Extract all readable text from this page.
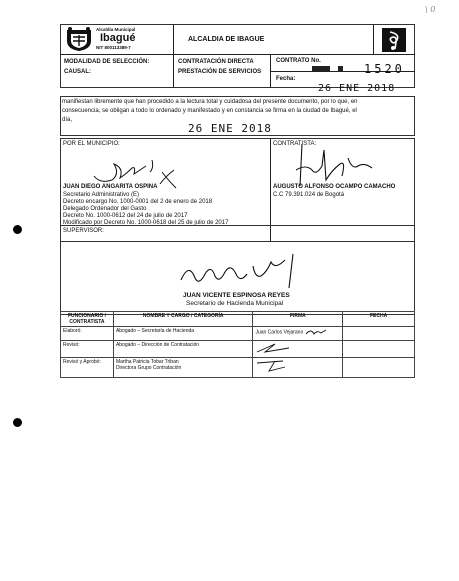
\ 0
Alcaldía Municipal
Ibagué
NIT 800113389-7
ALCALDIA DE IBAGUE
MODALIDAD DE SELECCIÓN:
CAUSAL:
CONTRATACIÓN DIRECTA
PRESTACIÓN DE SERVICIOS
CONTRATO No.
1520
Fecha:
26 ENE 2018
manifiestan libremente que han procedido a la lectura total y cuidadosa del presente documento, por lo que, en
consecuencia, se obligan a todo lo ordenado y manifestado y en constancia se firma en la ciudad de Ibagué, el
día,
26 ENE 2018
POR EL MUNICIPIO:
JUAN DIEGO ANGARITA OSPINA
Secretario Administrativo (E)
Decreto encargo No. 1000-0001 del 2 de enero de 2018
Delegado Ordenador del Gasto
Decreto No. 1000-0612 del 24 de julio de 2017
Modificado por Decreto No. 1000-0618 del 25 de julio de 2017
CONTRATISTA:
AUGUSTO ALFONSO OCAMPO CAMACHO
C.C 79.391.024 de Bogotá
SUPERVISOR:
JUAN VICENTE ESPINOSA REYES
Secretario de Hacienda Municipal
FUNCIONARIO / CONTRATISTA	NOMBRE Y CARGO / CATEGORÍA	FIRMA	FECHA
Elaboró:	Abogado – Secretaría de Hacienda	Juan Carlos Vejarano	
Revisó:	Abogado – Dirección de Contratación		
Revisó y Aprobó:	Martha Patricia Tobar Triban
Directora Grupo Contratación
